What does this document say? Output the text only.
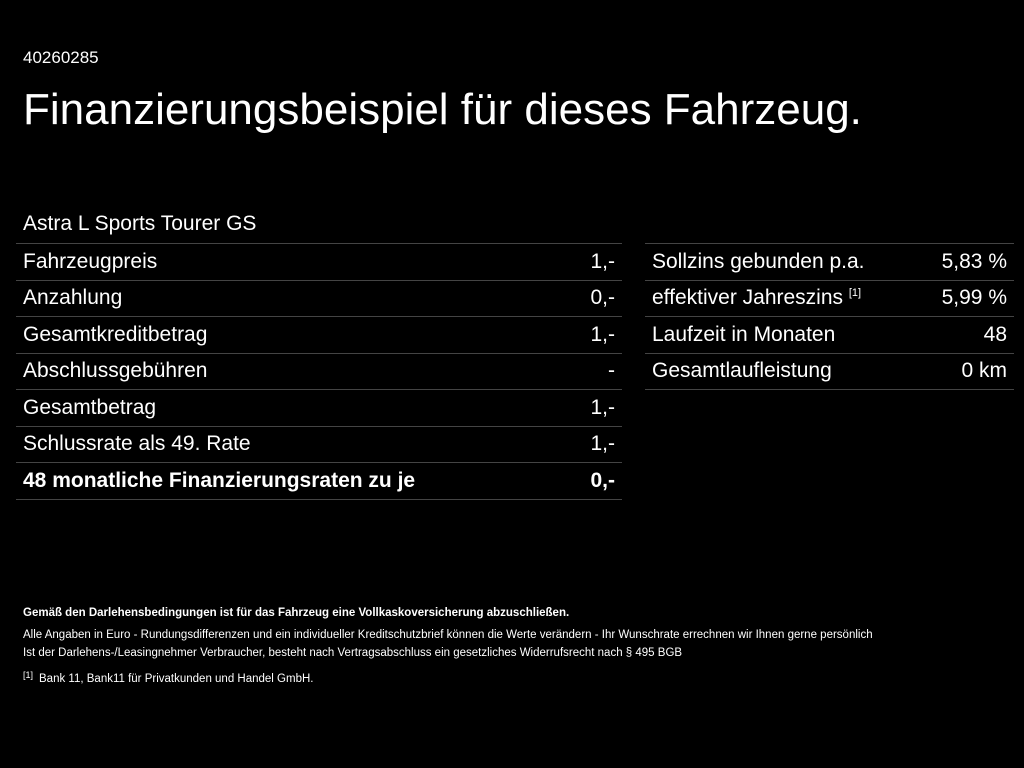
40260285
Finanzierungsbeispiel für dieses Fahrzeug.
Astra L Sports Tourer GS
Fahrzeugpreis	1,-
Anzahlung	0,-
Gesamtkreditbetrag	1,-
Abschlussgebühren	-
Gesamtbetrag	1,-
Schlussrate als 49. Rate	1,-
48 monatliche Finanzierungsraten zu je	0,-
Sollzins gebunden p.a.	5,83 %
effektiver Jahreszins [1]	5,99 %
Laufzeit in Monaten	48
Gesamtlaufleistung	0 km
Gemäß den Darlehensbedingungen ist für das Fahrzeug eine Vollkaskoversicherung abzuschließen.
Alle Angaben in Euro - Rundungsdifferenzen und ein individueller Kreditschutzbrief können die Werte verändern - Ihr Wunschrate errechnen wir Ihnen gerne persönlich
Ist der Darlehens-/Leasingnehmer Verbraucher, besteht nach Vertragsabschluss ein gesetzliches Widerrufsrecht nach § 495 BGB
[1] Bank 11, Bank11 für Privatkunden und Handel GmbH.
